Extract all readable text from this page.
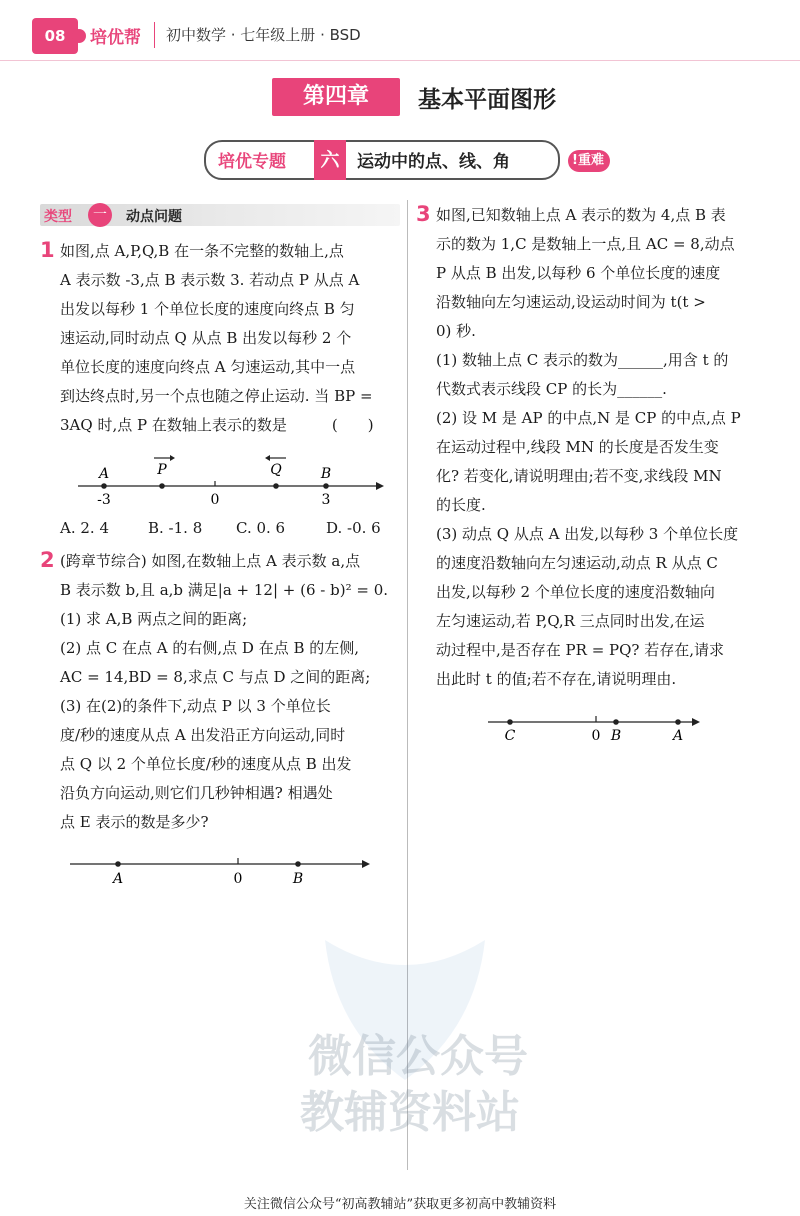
08	培优帮 初中数学 · 七年级上册 · BSD
第四章	基本平面图形
培优专题	六	运动中的点、线、角	!重难
类型	一	动点问题
1 如图,点 A,P,Q,B 在一条不完整的数轴上,点
A 表示数 -3,点 B 表示数 3. 若动点 P 从点 A
出发以每秒 1 个单位长度的速度向终点 B 匀
速运动,同时动点 Q 从点 B 出发以每秒 2 个
单位长度的速度向终点 A 匀速运动,其中一点
到达终点时,另一个点也随之停止运动. 当 BP =
3AQ 时,点 P 在数轴上表示的数是　　　(　　)
A	P	Q	B
-3	0	3
A. 2. 4	B. -1. 8 C. 0. 6	D. -0. 6
2 (跨章节综合) 如图,在数轴上点 A 表示数 a,点
B 表示数 b,且 a,b 满足|a + 12| + (6 - b)² = 0.
(1) 求 A,B 两点之间的距离;
(2) 点 C 在点 A 的右侧,点 D 在点 B 的左侧,
AC = 14,BD = 8,求点 C 与点 D 之间的距离;
(3) 在(2)的条件下,动点 P 以 3 个单位长
度/秒的速度从点 A 出发沿正方向运动,同时
点 Q 以 2 个单位长度/秒的速度从点 B 出发
沿负方向运动,则它们几秒钟相遇? 相遇处
点 E 表示的数是多少?
A	0	B
3 如图,已知数轴上点 A 表示的数为 4,点 B 表
示的数为 1,C 是数轴上一点,且 AC = 8,动点
P 从点 B 出发,以每秒 6 个单位长度的速度
沿数轴向左匀速运动,设运动时间为 t(t >
0) 秒.
(1) 数轴上点 C 表示的数为______,用含 t 的
代数式表示线段 CP 的长为______.
(2) 设 M 是 AP 的中点,N 是 CP 的中点,点 P
在运动过程中,线段 MN 的长度是否发生变
化? 若变化,请说明理由;若不变,求线段 MN
的长度.
(3) 动点 Q 从点 A 出发,以每秒 3 个单位长度
的速度沿数轴向左匀速运动,动点 R 从点 C
出发,以每秒 2 个单位长度的速度沿数轴向
左匀速运动,若 P,Q,R 三点同时出发,在运
动过程中,是否存在 PR = PQ? 若存在,请求
出此时 t 的值;若不存在,请说明理由.
C	0 B	A
微信公众号
教辅资料站
关注微信公众号“初高教辅站”获取更多初高中教辅资料
